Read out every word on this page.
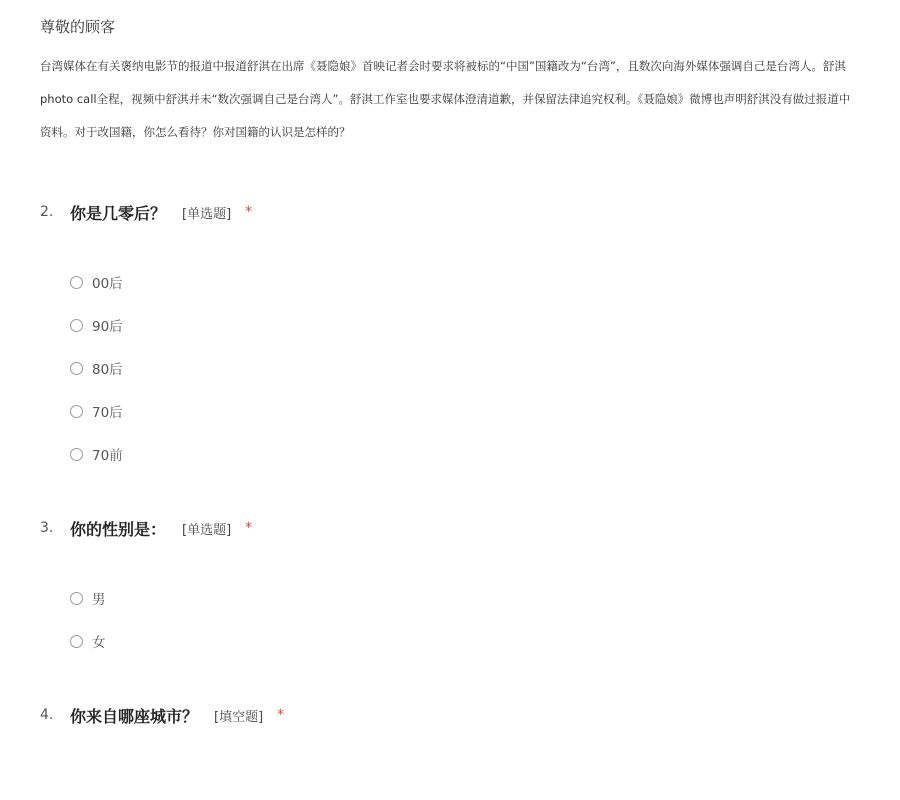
尊敬的顾客
台湾媒体在有关褒纳电影节的报道中报道舒淇在出席《聂隐娘》首映记者会时要求将被标的“中国”国籍改为“台湾”，且数次向海外媒体强调自己是台湾人。舒淇
photo call全程，视频中舒淇并未“数次强调自己是台湾人”。舒淇工作室也要求媒体澄清道歉，并保留法律追究权利。《聂隐娘》微博也声明舒淇没有做过报道中
资料。对于改国籍，你怎么看待？你对国籍的认识是怎样的？
2.	你是几零后？ [单选题] *
00后
90后
80后
70后
70前
3.	你的性别是： [单选题] *
男
女
4.	你来自哪座城市？ [填空题] *
